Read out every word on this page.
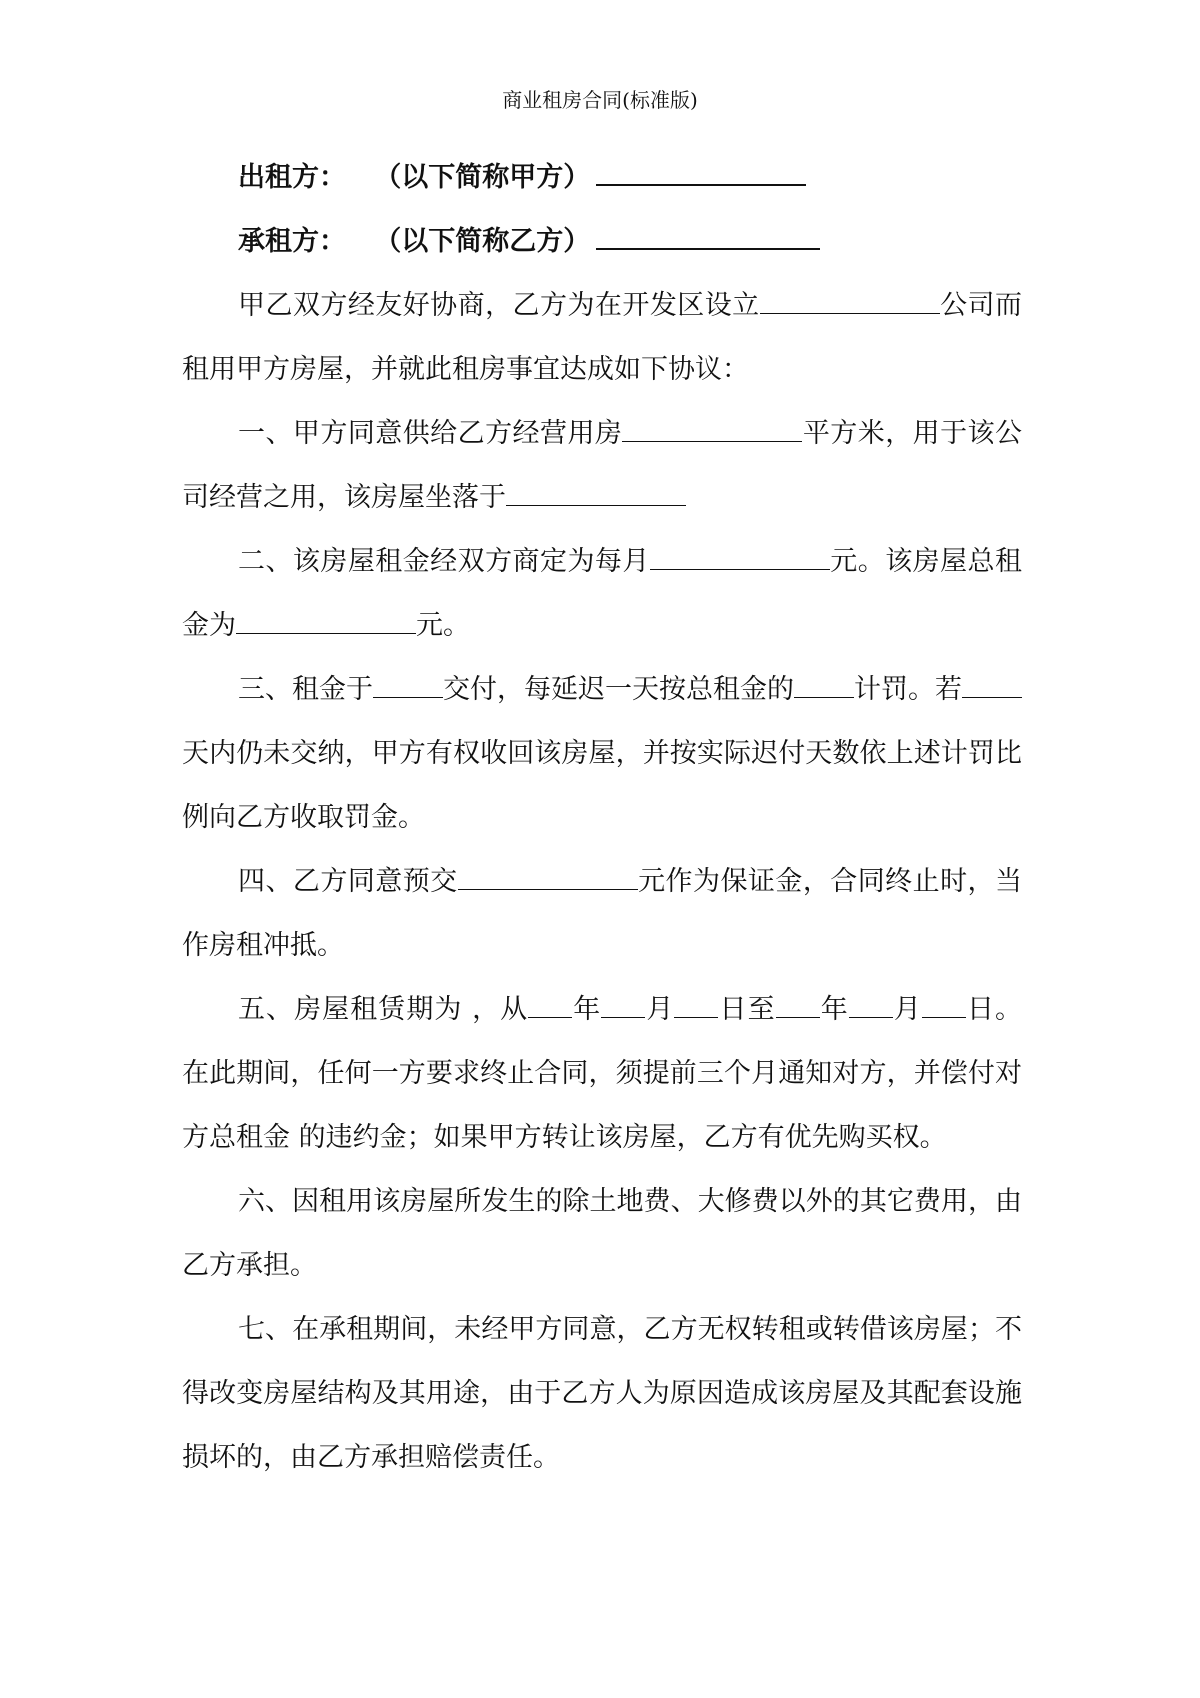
商业租房合同(标准版)
出租方： （以下简称甲方）
承租方： （以下简称乙方）

甲乙双方经友好协商，乙方为在开发区设立	公司而租用甲方房屋，并就此租房事宜达成如下协议：

一、甲方同意供给乙方经营用房	平方米，用于该公司经营之用，该房屋坐落于

二、该房屋租金经双方商定为每月	元。该房屋总租金为	元。

三、租金于	交付，每延迟一天按总租金的 计罚。若天内仍未交纳，甲方有权收回该房屋，并按实际迟付天数依上述计罚比例向乙方收取罚金。

四、乙方同意预交	元作为保证金，合同终止时，当作房租冲抵。

五、房屋租赁期为 ，从 年 月 日至 年 月 日。在此期间，任何一方要求终止合同，须提前三个月通知对方，并偿付对方总租金 的违约金；如果甲方转让该房屋，乙方有优先购买权。

六、因租用该房屋所发生的除土地费、大修费以外的其它费用，由乙方承担。

七、在承租期间，未经甲方同意，乙方无权转租或转借该房屋；不得改变房屋结构及其用途，由于乙方人为原因造成该房屋及其配套设施损坏的，由乙方承担赔偿责任。
